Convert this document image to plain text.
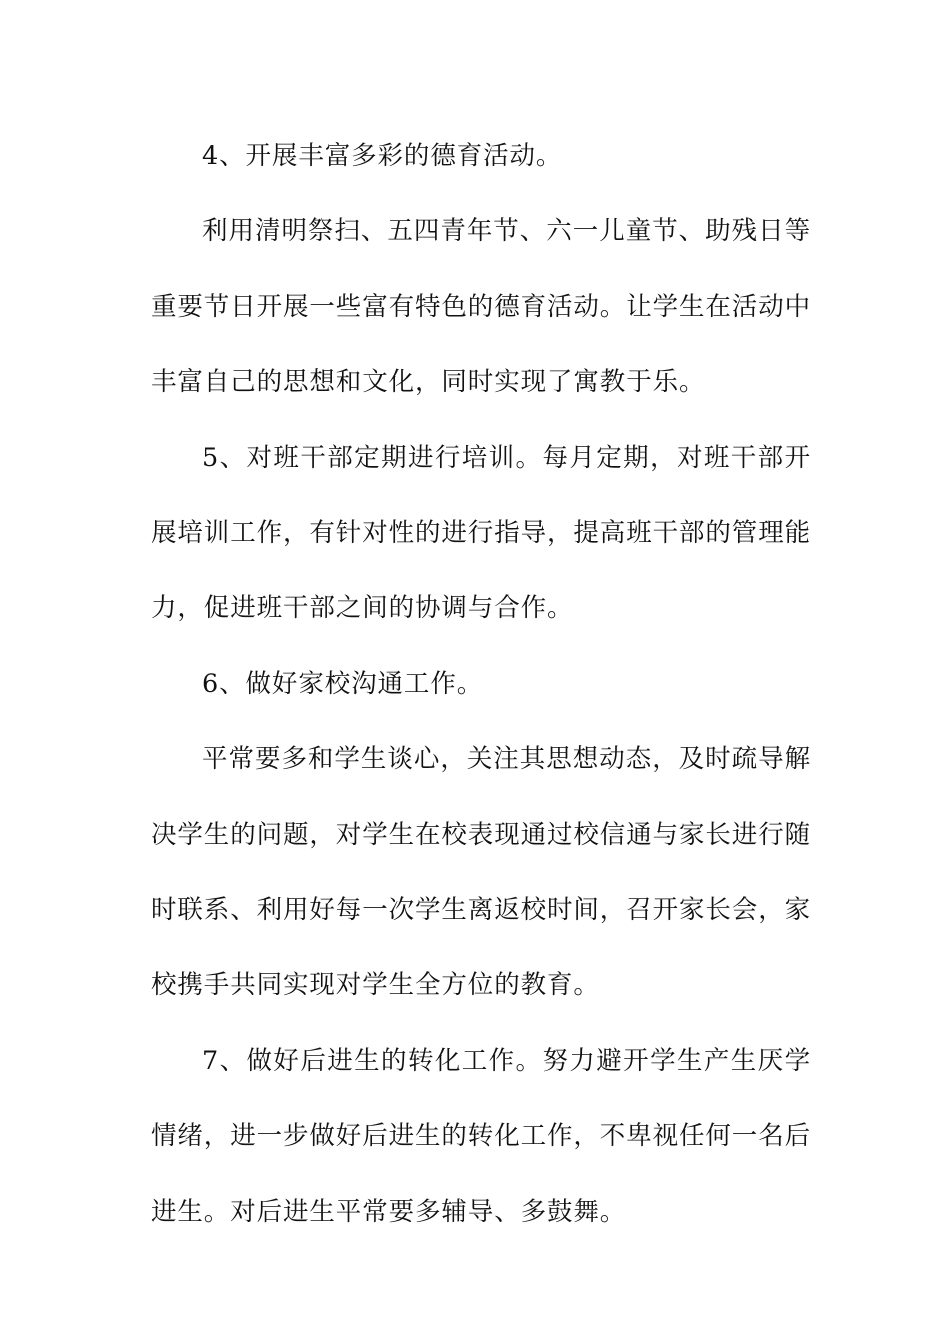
4、开展丰富多彩的德育活动。

利用清明祭扫、五四青年节、六一儿童节、助残日等重要节日开展一些富有特色的德育活动。让学生在活动中丰富自己的思想和文化，同时实现了寓教于乐。

5、对班干部定期进行培训。每月定期，对班干部开展培训工作，有针对性的进行指导，提高班干部的管理能力，促进班干部之间的协调与合作。

6、做好家校沟通工作。

平常要多和学生谈心，关注其思想动态，及时疏导解决学生的问题，对学生在校表现通过校信通与家长进行随时联系、利用好每一次学生离返校时间，召开家长会，家校携手共同实现对学生全方位的教育。

7、做好后进生的转化工作。努力避开学生产生厌学情绪，进一步做好后进生的转化工作，不卑视任何一名后进生。对后进生平常要多辅导、多鼓舞。
